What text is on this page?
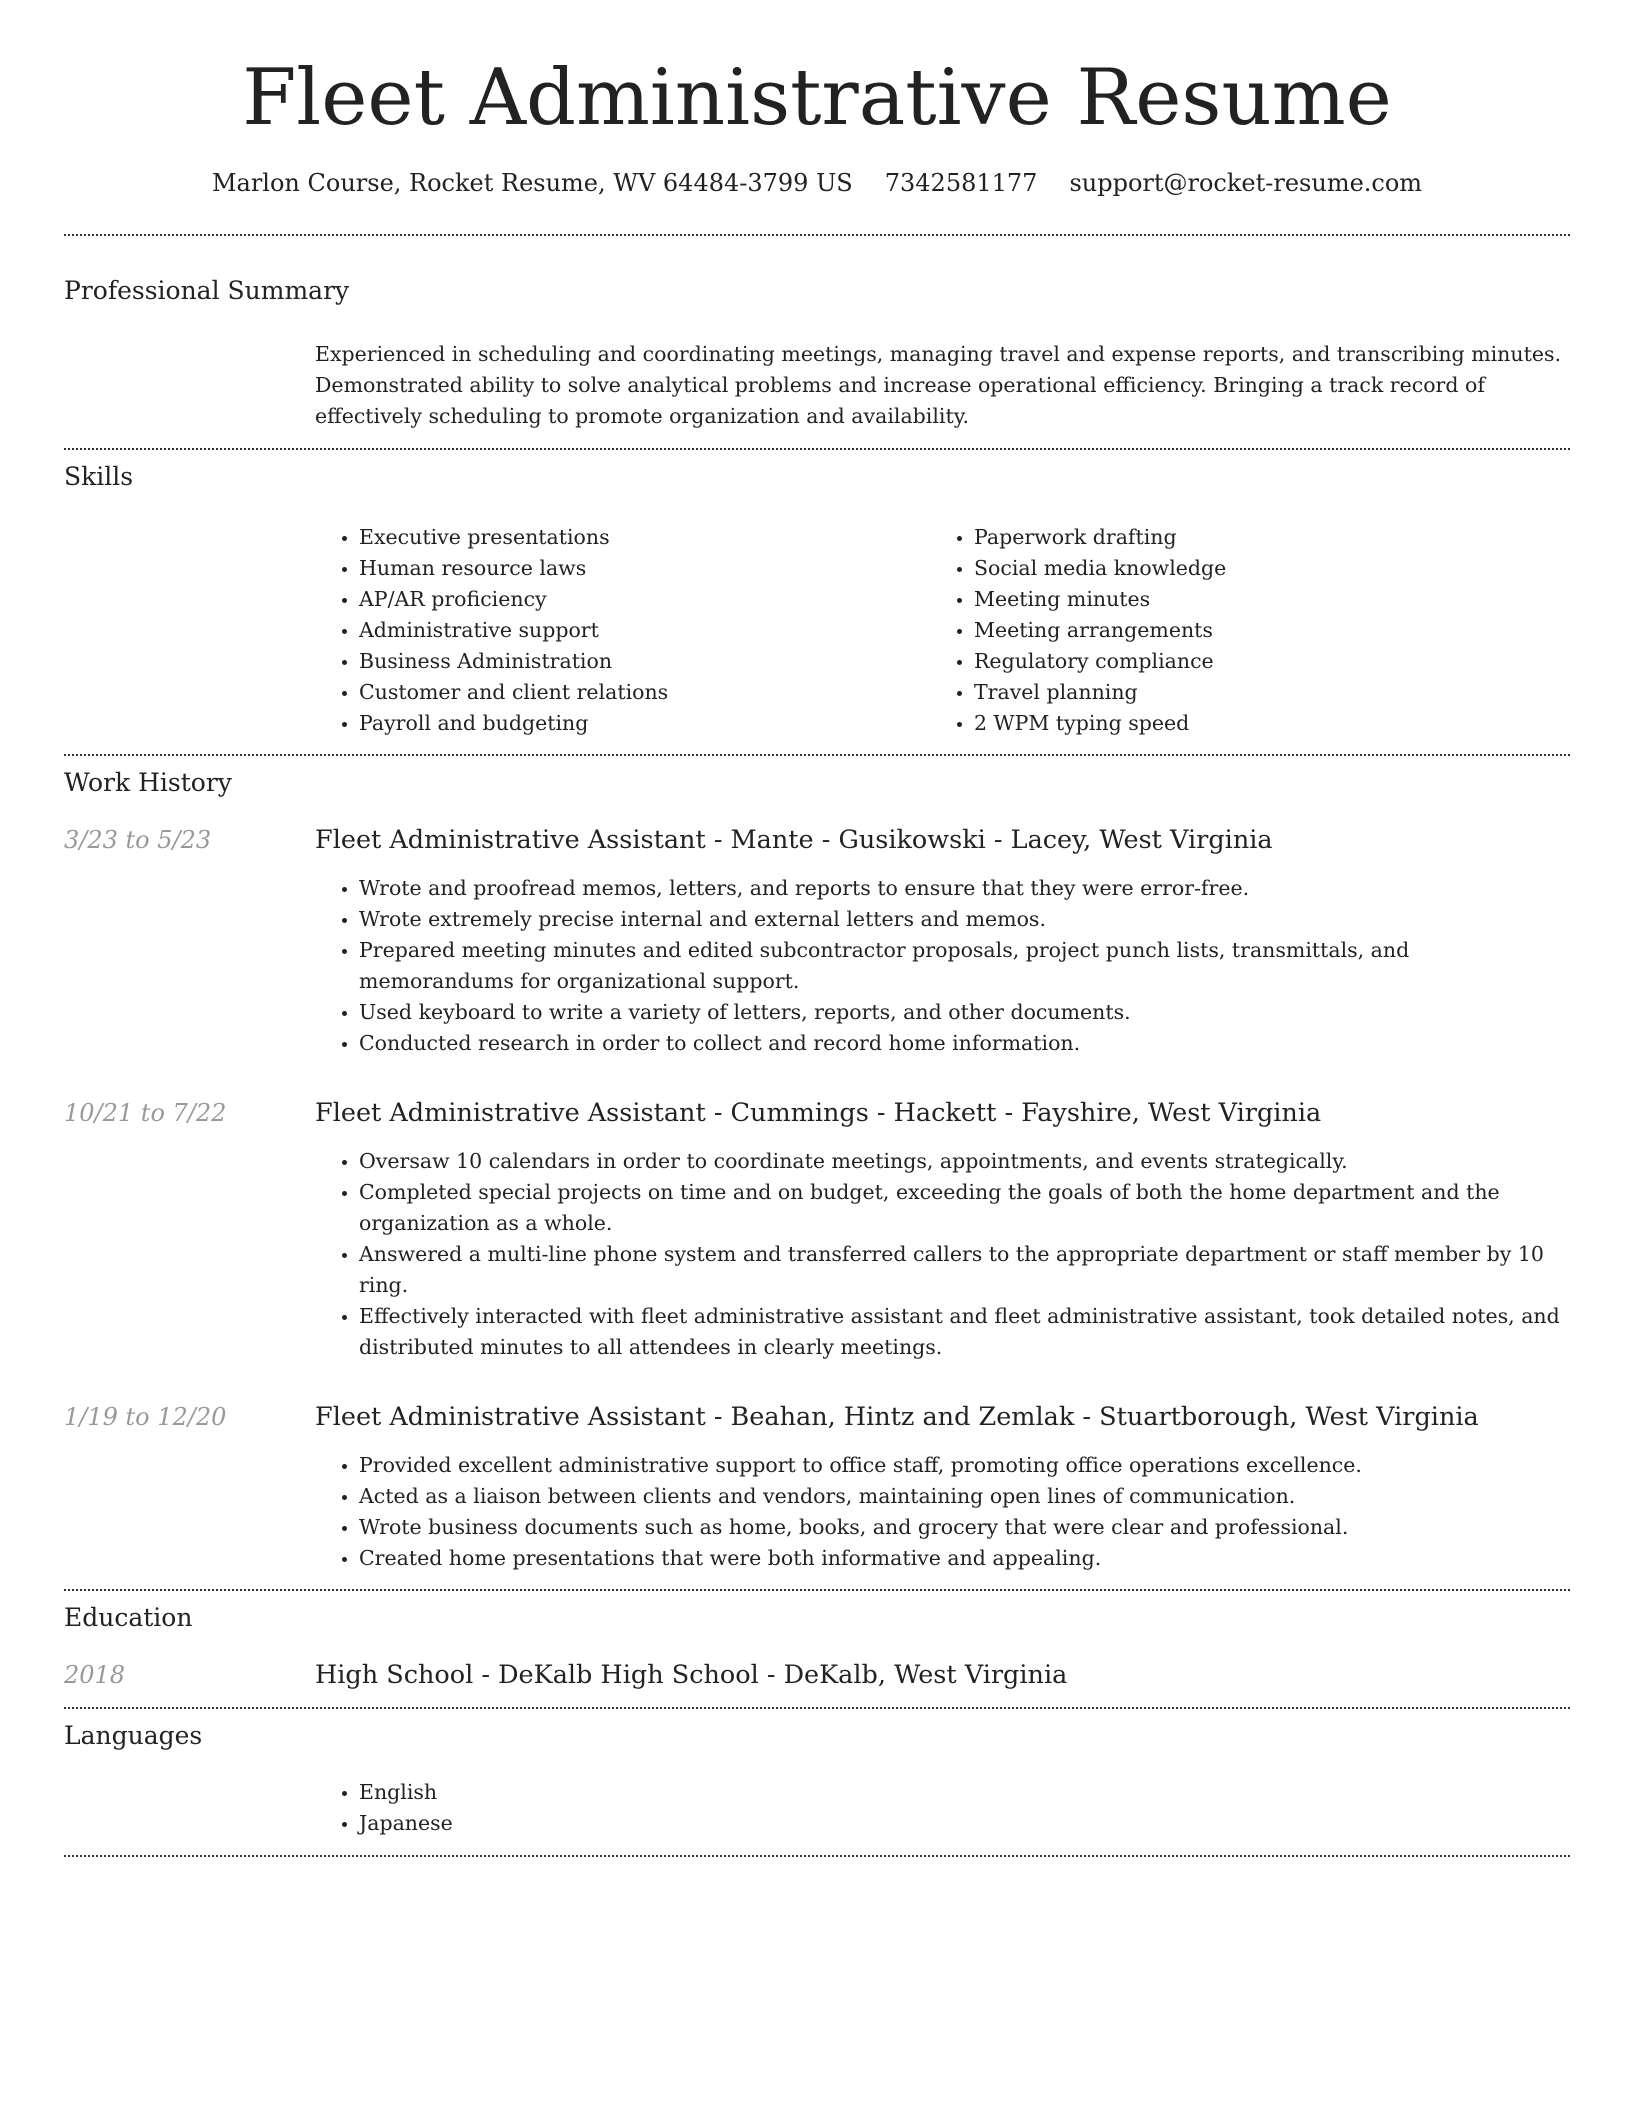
Fleet Administrative Resume
Marlon Course, Rocket Resume, WV 64484-3799 US 7342581177 support@rocket-resume.com
Professional Summary
Experienced in scheduling and coordinating meetings, managing travel and expense reports, and transcribing minutes. Demonstrated ability to solve analytical problems and increase operational efficiency. Bringing a track record of effectively scheduling to promote organization and availability.
Skills
• Executive presentations
• Human resource laws
• AP/AR proficiency
• Administrative support
• Business Administration
• Customer and client relations
• Payroll and budgeting
• Paperwork drafting
• Social media knowledge
• Meeting minutes
• Meeting arrangements
• Regulatory compliance
• Travel planning
• 2 WPM typing speed
Work History
3/23 to 5/23	Fleet Administrative Assistant - Mante - Gusikowski - Lacey, West Virginia
• Wrote and proofread memos, letters, and reports to ensure that they were error-free.
• Wrote extremely precise internal and external letters and memos.
• Prepared meeting minutes and edited subcontractor proposals, project punch lists, transmittals, and memorandums for organizational support.
• Used keyboard to write a variety of letters, reports, and other documents.
• Conducted research in order to collect and record home information.
10/21 to 7/22	Fleet Administrative Assistant - Cummings - Hackett - Fayshire, West Virginia
• Oversaw 10 calendars in order to coordinate meetings, appointments, and events strategically.
• Completed special projects on time and on budget, exceeding the goals of both the home department and the organization as a whole.
• Answered a multi-line phone system and transferred callers to the appropriate department or staff member by 10 ring.
• Effectively interacted with fleet administrative assistant and fleet administrative assistant, took detailed notes, and distributed minutes to all attendees in clearly meetings.
1/19 to 12/20	Fleet Administrative Assistant - Beahan, Hintz and Zemlak - Stuartborough, West Virginia
• Provided excellent administrative support to office staff, promoting office operations excellence.
• Acted as a liaison between clients and vendors, maintaining open lines of communication.
• Wrote business documents such as home, books, and grocery that were clear and professional.
• Created home presentations that were both informative and appealing.
Education
2018	High School - DeKalb High School - DeKalb, West Virginia
Languages
• English
• Japanese
